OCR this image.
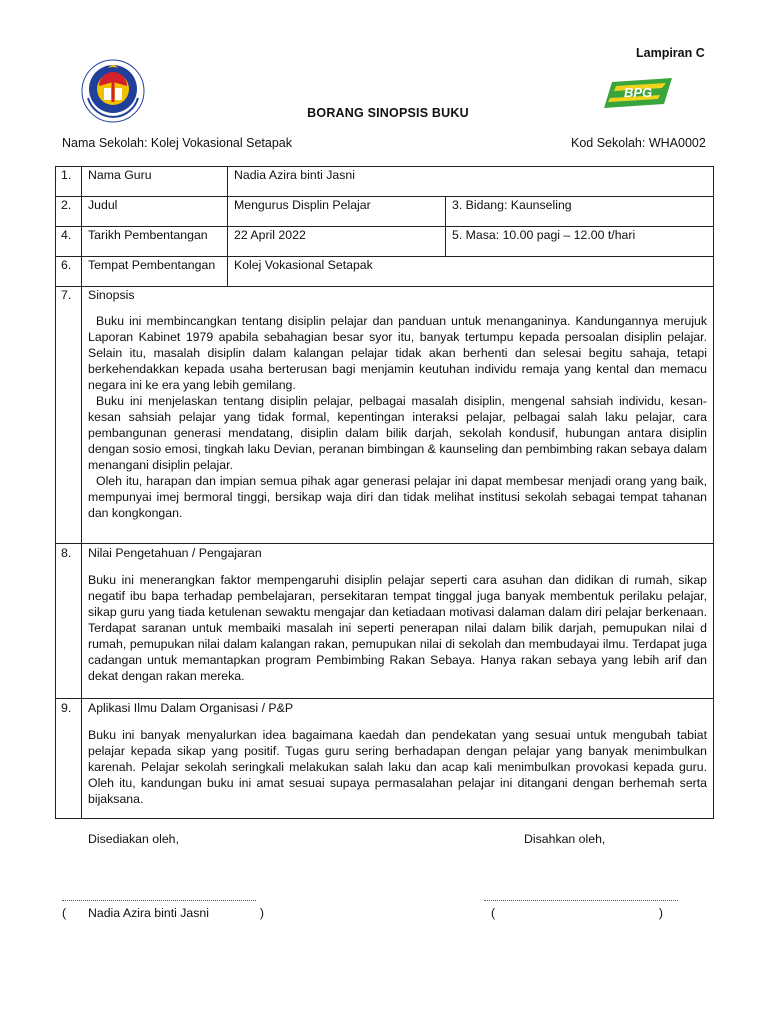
Lampiran C
BPG
BORANG SINOPSIS BUKU
Nama Sekolah: Kolej Vokasional Setapak	Kod Sekolah: WHA0002
1.	Nama Guru	Nadia Azira binti Jasni	
2.	Judul	Mengurus Displin Pelajar	3. Bidang: Kaunseling
4.	Tarikh Pembentangan	22 April 2022	5. Masa: 10.00 pagi – 12.00 t/hari
6.	Tempat Pembentangan	Kolej Vokasional Setapak	
7.	Sinopsis
Buku ini membincangkan tentang disiplin pelajar dan panduan untuk menanganinya. Kandungannya merujuk Laporan Kabinet 1979 apabila sebahagian besar syor itu, banyak tertumpu kepada persoalan disiplin pelajar. Selain itu, masalah disiplin dalam kalangan pelajar tidak akan berhenti dan selesai begitu sahaja, tetapi berkehendakkan kepada usaha berterusan bagi menjamin keutuhan individu remaja yang kental dan memacu negara ini ke era yang lebih gemilang.
Buku ini menjelaskan tentang disiplin pelajar, pelbagai masalah disiplin, mengenal sahsiah individu, kesan-kesan sahsiah pelajar yang tidak formal, kepentingan interaksi pelajar, pelbagai salah laku pelajar, cara pembangunan generasi mendatang, disiplin dalam bilik darjah, sekolah kondusif, hubungan antara disiplin dengan sosio emosi, tingkah laku Devian, peranan bimbingan & kaunseling dan pembimbing rakan sebaya dalam menangani disiplin pelajar.
Oleh itu, harapan dan impian semua pihak agar generasi pelajar ini dapat membesar menjadi orang yang baik, mempunyai imej bermoral tinggi, bersikap waja diri dan tidak melihat institusi sekolah sebagai tempat tahanan dan kongkongan.		

8.	Nilai Pengetahuan / Pengajaran
Buku ini menerangkan faktor mempengaruhi disiplin pelajar seperti cara asuhan dan didikan di rumah, sikap negatif ibu bapa terhadap pembelajaran, persekitaran tempat tinggal juga banyak membentuk perilaku pelajar, sikap guru yang tiada ketulenan sewaktu mengajar dan ketiadaan motivasi dalaman dalam diri pelajar berkenaan. Terdapat saranan untuk membaiki masalah ini seperti penerapan nilai dalam bilik darjah, pemupukan nilai d rumah, pemupukan nilai dalam kalangan rakan, pemupukan nilai di sekolah dan membudayai ilmu. Terdapat juga cadangan untuk memantapkan program Pembimbing Rakan Sebaya. Hanya rakan sebaya yang lebih arif dan dekat dengan rakan mereka.		

9.	Aplikasi Ilmu Dalam Organisasi / P&P
Buku ini banyak menyalurkan idea bagaimana kaedah dan pendekatan yang sesuai untuk mengubah tabiat pelajar kepada sikap yang positif. Tugas guru sering berhadapan dengan pelajar yang banyak menimbulkan karenah. Pelajar sekolah seringkali melakukan salah laku dan acap kali menimbulkan provokasi kepada guru. Oleh itu, kandungan buku ini amat sesuai supaya permasalahan pelajar ini ditangani dengan berhemah serta bijaksana.		
Disediakan oleh,	Disahkan oleh,
( Nadia Azira binti Jasni	)	(	)
